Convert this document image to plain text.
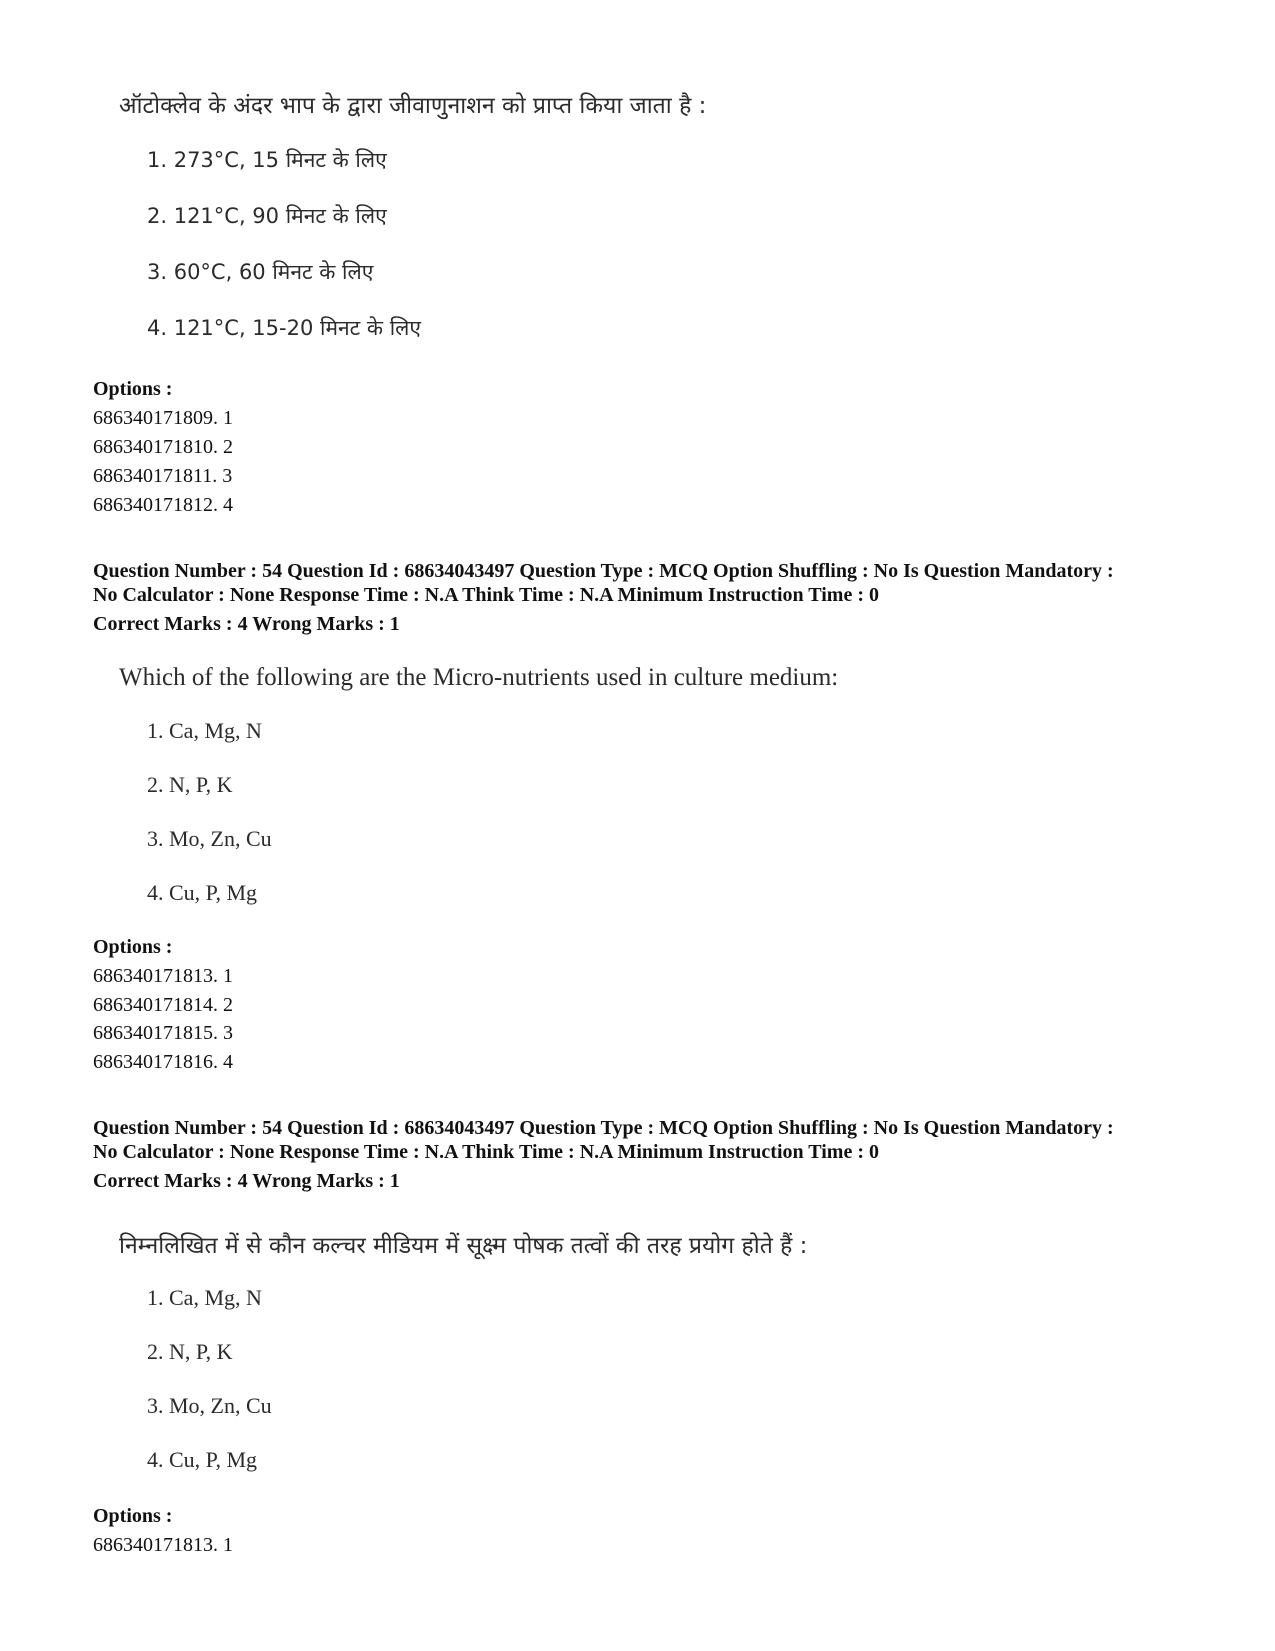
ऑटोक्लेव के अंदर भाप के द्वारा जीवाणुनाशन को प्राप्त किया जाता है :
1. 273°C, 15 मिनट के लिए
2. 121°C, 90 मिनट के लिए
3. 60°C, 60 मिनट के लिए
4. 121°C, 15-20 मिनट के लिए
Options :
686340171809. 1
686340171810. 2
686340171811. 3
686340171812. 4
Question Number : 54 Question Id : 68634043497 Question Type : MCQ Option Shuffling : No Is Question Mandatory :
No Calculator : None Response Time : N.A Think Time : N.A Minimum Instruction Time : 0
Correct Marks : 4 Wrong Marks : 1
Which of the following are the Micro-nutrients used in culture medium:
1. Ca, Mg, N
2. N, P, K
3. Mo, Zn, Cu
4. Cu, P, Mg
Options :
686340171813. 1
686340171814. 2
686340171815. 3
686340171816. 4
Question Number : 54 Question Id : 68634043497 Question Type : MCQ Option Shuffling : No Is Question Mandatory :
No Calculator : None Response Time : N.A Think Time : N.A Minimum Instruction Time : 0
Correct Marks : 4 Wrong Marks : 1
निम्नलिखित में से कौन कल्चर मीडियम में सूक्ष्म पोषक तत्वों की तरह प्रयोग होते हैं :
1. Ca, Mg, N
2. N, P, K
3. Mo, Zn, Cu
4. Cu, P, Mg
Options :
686340171813. 1
